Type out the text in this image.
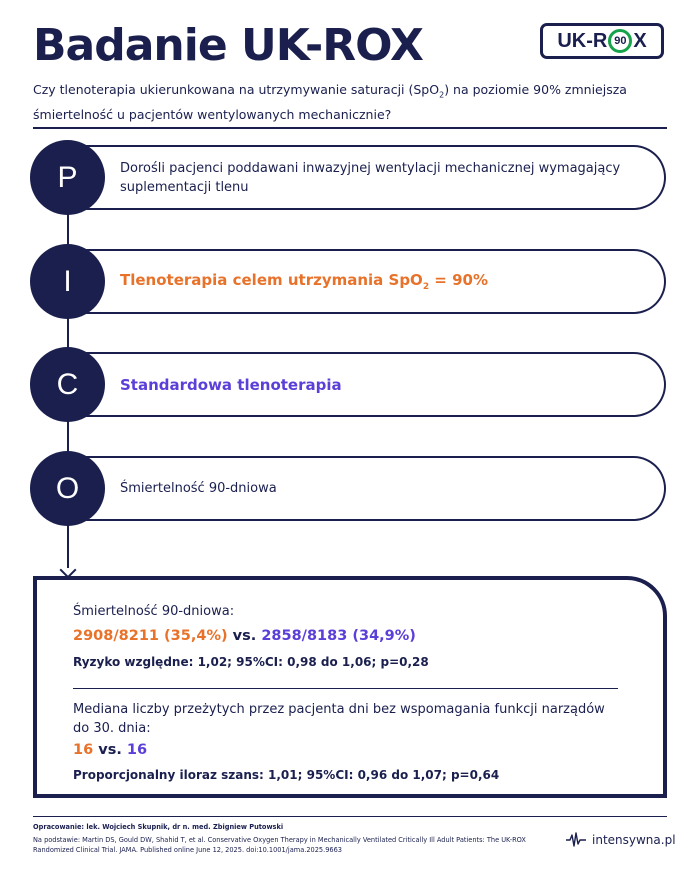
Badanie UK-ROX	UK-R 90 X
Czy tlenoterapia ukierunkowana na utrzymywanie saturacji (SpO$_2$) na poziomie 90% zmniejsza śmiertelność u pacjentów wentylowanych mechanicznie?
Dorośli pacjenci poddawani inwazyjnej wentylacji mechanicznej wymagający suplementacji tlenu
P
Tlenoterapia celem utrzymania SpO$_2$ = 90%
I
Standardowa tlenoterapia
C
Śmiertelność 90-dniowa
O
Śmiertelność 90-dniowa:
2908/8211 (35,4%) vs. 2858/8183 (34,9%)
Ryzyko względne: 1,02; 95%CI: 0,98 do 1,06; p=0,28
Mediana liczby przeżytych przez pacjenta dni bez wspomagania funkcji narządów do 30. dnia:
16 vs. 16
Proporcjonalny iloraz szans: 1,01; 95%CI: 0,96 do 1,07; p=0,64
Opracowanie: lek. Wojciech Skupnik, dr n. med. Zbigniew Putowski
Na podstawie: Martin DS, Gould DW, Shahid T, et al. Conservative Oxygen Therapy in Mechanically Ventilated Critically Ill Adult Patients: The UK-ROX Randomized Clinical Trial. JAMA. Published online June 12, 2025. doi:10.1001/jama.2025.9663
intensywna.pl
